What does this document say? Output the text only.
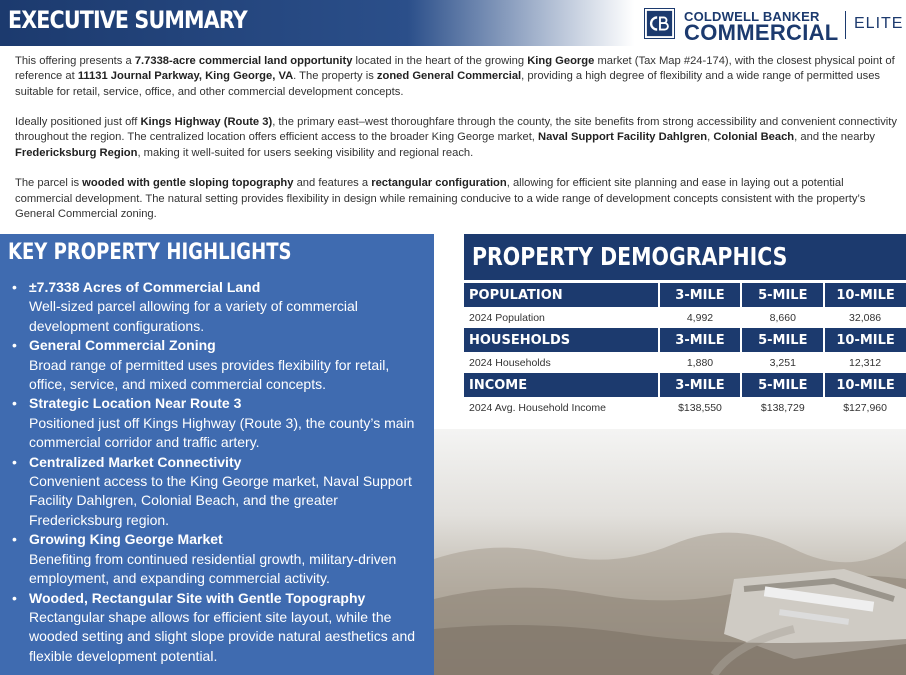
EXECUTIVE SUMMARY	COLDWELL BANKER
COMMERCIAL ELITE

This offering presents a 7.7338-acre commercial land opportunity located in the heart of the growing King George market (Tax Map #24-174), with the closest physical point of reference at 11131 Journal Parkway, King George, VA. The property is zoned General Commercial, providing a high degree of flexibility and a wide range of permitted uses suitable for retail, service, office, and other commercial development concepts.

Ideally positioned just off Kings Highway (Route 3), the primary east–west thoroughfare through the county, the site benefits from strong accessibility and convenient connectivity throughout the region. The centralized location offers efficient access to the broader King George market, Naval Support Facility Dahlgren, Colonial Beach, and the nearby Fredericksburg Region, making it well-suited for users seeking visibility and regional reach.

The parcel is wooded with gentle sloping topography and features a rectangular configuration, allowing for efficient site planning and ease in laying out a potential commercial development. The natural setting provides flexibility in design while remaining conducive to a wide range of development concepts consistent with the property’s General Commercial zoning.

KEY PROPERTY HIGHLIGHTS
• ±7.7338 Acres of Commercial Land
Well-sized parcel allowing for a variety of commercial development configurations.
• General Commercial Zoning
Broad range of permitted uses provides flexibility for retail, office, service, and mixed commercial concepts.
• Strategic Location Near Route 3
Positioned just off Kings Highway (Route 3), the county’s main commercial corridor and traffic artery.
• Centralized Market Connectivity
Convenient access to the King George market, Naval Support Facility Dahlgren, Colonial Beach, and the greater Fredericksburg region.
• Growing King George Market
Benefiting from continued residential growth, military-driven employment, and expanding commercial activity.
• Wooded, Rectangular Site with Gentle Topography
Rectangular shape allows for efficient site layout, while the wooded setting and slight slope provide natural aesthetics and flexible development potential.
PROPERTY DEMOGRAPHICS
POPULATION	3-MILE	5-MILE	10-MILE
2024 Population	4,992	8,660	32,086
HOUSEHOLDS	3-MILE	5-MILE	10-MILE
2024 Households	1,880	3,251	12,312
INCOME	3-MILE	5-MILE	10-MILE
2024 Avg. Household Income	$138,550	$138,729	$127,960
